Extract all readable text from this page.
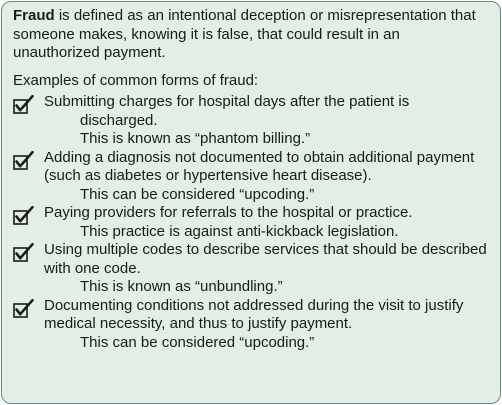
Fraud is defined as an intentional deception or misrepresentation that someone makes, knowing it is false, that could result in an unauthorized payment.

Examples of common forms of fraud:

Submitting charges for hospital days after the patient is
discharged.
This is known as “phantom billing.”
Adding a diagnosis not documented to obtain additional payment (such as diabetes or hypertensive heart disease).
This can be considered “upcoding.”
Paying providers for referrals to the hospital or practice.
This practice is against anti-kickback legislation.
Using multiple codes to describe services that should be described with one code.
This is known as “unbundling.”
Documenting conditions not addressed during the visit to justify medical necessity, and thus to justify payment.
This can be considered “upcoding.”
